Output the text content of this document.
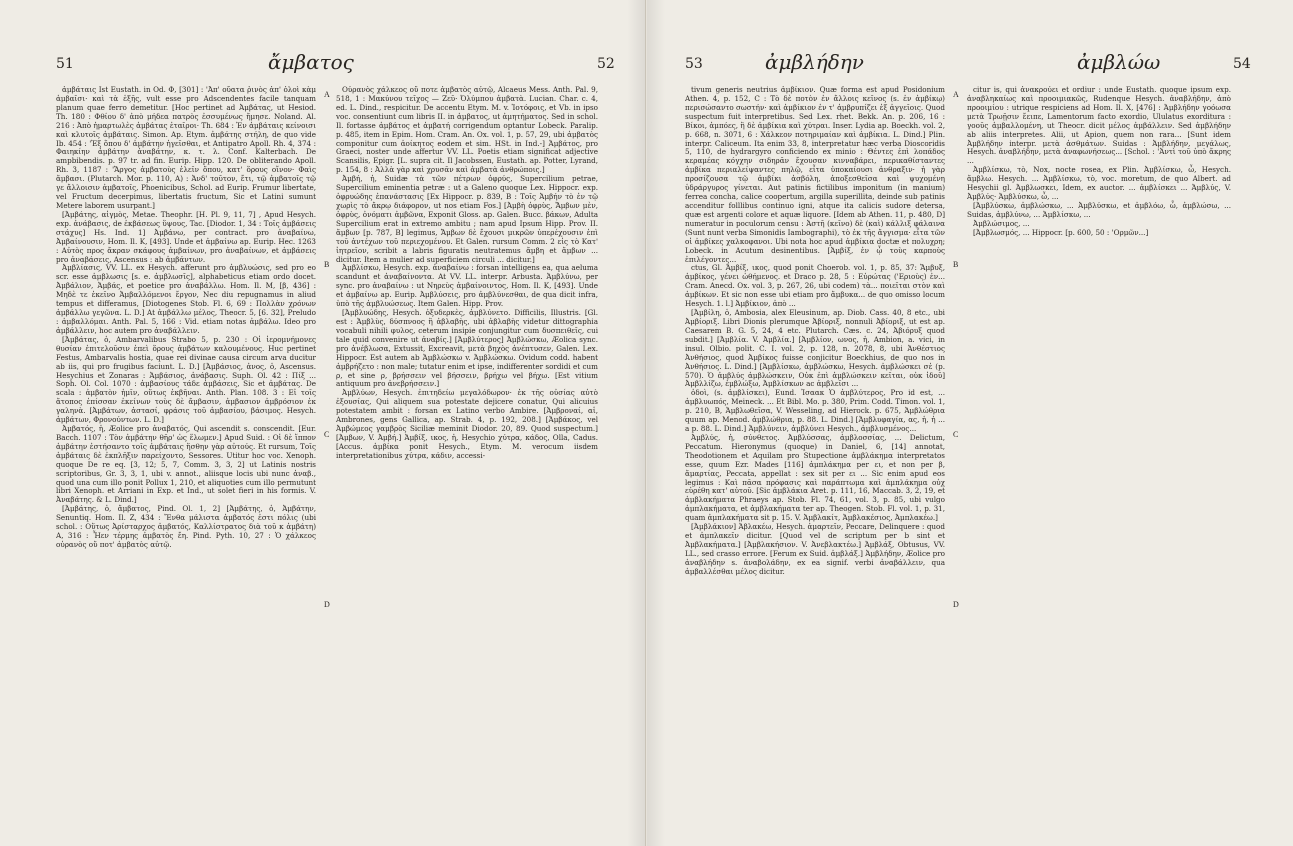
51	ἄμβατος	52

ἀμβάταις Ist Eustath. in Od. Φ, [301] : 'Ἀπ' οὔατα ῥινὸς ἀπ' ὀλοὶ κὰμ ἀμβαῖσι· καὶ τὰ ἑξῆς, vult esse pro Adscendentes facile tanquam planum quae ferro demetitur. [Hoc pertinet ad Ἀμβάτας, ut Hesiod. Th. 180 : Φθίου δ' ἀπὸ μήδεα πατρὸς ἐσσυμένως ἤμησε. Noland. Al. 216 : Ἀπὸ ἡμαρτωλὲς ἀμβάτας ἑταῖροι· Th. 684 : Ἐν ἀμβάταις κείνοισι καὶ κλυτοῖς ἀμβάταις. Simon. Ap. Etym. ἀμβάτης στήλη, de quo vide Ib. 454 : 'Ἐξ ὅπου δ' ἀμβάτην ἡγεῖσθαι, et Antipatro Apoll. Rh. 4, 374 : Φαιηκίην ἀμβάτην ἀναβάτην, κ. τ. λ. Conf. Kalterbach. De ampbibendis. p. 97 tr. ad fin. Eurip. Hipp. 120. De obliterando Apoll. Rh. 3, 1187 : 'Ἄργος ἀμβατοὺς ἐλεῖν ὅπου, κατ' ὅρους οἴνον· Φαὶς ἄμβασι. (Plutarch. Mor. p. 110, A) : Ἀνδ' τοῦτον, ἔτι, τῷ ἀμβατοῖς τῷ γε ἄλλοισιν ἀμβατοῖς, Phoenicibus, Schol. ad Eurip. Frumur libertate, vel Fructum decerpimus, libertatis fructum, Sic et Latini sumunt Metere laborem usurpant.]

[Ἀμβάτης, αἰγμὸς, Metae. Theophr. [H. Pl. 9, 11, 7] , Apud Hesych. exp. ἀνάβασις, de ἐκβάσεως ὕψους, Tac. [Diodor. 1, 34 : Τοῖς ἀμβάσεις στάχυς] Hs. Ind. 1] Ἀμβάνω, per contract. pro ἀναβαίνω, Ἀμβαίνουσιν, Hom. Il. K, [493]. Unde et ἀμβαίνω ap. Eurip. Hec. 1263 : Αὐτὸς προς ἄκραν σκάφους ἀμβαίνων, pro ἀναβαίνων, et ἀμβάσεις pro ἀναβάσεις, Ascensus : ab ἀμβάντων.

Ἀμβλίασις, VV. LL. ex Hesych. afferunt pro ἀμβλυώσις, sed pro eo scr. esse ἀμβλωσις [s. e. ἀμβλωσῖς], alphabeticus etiam ordo docet. Ἀμβάλιον, Ἀμβάς, et poetice pro ἀναβάλλω. Hom. Il. M, [β, 436] : Μηδὲ τε ἐκεῖνο Ἀμβαλλόμενοι ἔργον, Nec diu repugnamus in aliud tempus et differamus, [Diotogenes Stob. Fl. 6, 69 : Πολλὰν χρόνων ἀμβάλλω γεγῶνα. L. D.] At ἀμβάλλω μέλος, Theocr. 5, [6. 32], Preludo : ἀμβαλλόμαι. Anth. Pal. 5, 166 : Vid. etiam notas ἀμβάλω. Ideo pro ἀμβάλλειν, hoc autem pro ἀναβάλλειν.

[Ἀμβάτας, ὁ, Ambarvalibus Strabo 5, p. 230 : Οἱ ἱερομνήμονες θυσίαν ἐπιτελοῦσιν ἐπεὶ ὅρους ἀμβάτων καλουμένους. Huc pertinet Festus, Ambarvalis hostia, quae rei divinae causa circum arva ducitur ab iis, qui pro frugibus faciunt. L. D.] [Ἀμβάσιος, ἀνος, ὁ, Ascensus. Hesychius et Zonaras : Ἀμβάσιος, ἀνάβασις. Suph. Ol. 42 : Πίξ ... Soph. Ol. Col. 1070 : ἀμβασίους τάδε ἀμβάσεις, Sic et ἀμβάτας. De scala : ἀμβατὸν ἡμῖν, οὕτως ἐκβῆναι. Anth. Plan. 108. 3 : Εἰ τοῖς ἄτοπος ἐπίσσαν ἐκείνων τοὺς δὲ ἄμβασιν, ἀμβασιον ἀμβρόσιον ἐκ γαληνὰ. [Ἀμβάτων, ἀστασί, φράσις τοῦ ἀμβασίου, βάσιμος. Hesych. ἀμβάτων, Φρονούντων. L. D.]

Ἀμβατός, ἡ, Æolice pro ἀναβατός, Qui ascendit s. conscendit. [Eur. Bacch. 1107 : Τὸν ἀμβάτην θῆρ' ὡς ἕλωμεν.] Apud Suid. : Οἱ δὲ ἵππον ἀμβάτην ἐστήσαντο τοῖς ἀμβάταις ἥσθην γὰρ αὐτούς. Et rursum, Τοῖς ἀμβάταις δὲ ἐκπλῆξιν παρείχοντο, Sessores. Utitur hoc voc. Xenoph. quoque De re eq. [3, 12; 5, 7, Comm. 3, 3, 2] ut Latinis nostris scriptoribus, Gr. 3, 3, 1, ubi v. annot., aliisque locis ubi nunc ἀναβ., quod una cum illo ponit Pollux 1, 210, et aliquoties cum illo permutunt libri Xenoph. et Arriani in Exp. et Ind., ut solet fieri in his formis. V. Ἀναβάτης. & L. Dind.]

[Ἀμβάτης, ὁ, ἄμβατος, Pind. Ol. 1, 2] [Ἀμβάτης, ὁ, Ἀμβάτην, Senuntiq. Hom. Il. Z, 434 : Ἔνθα μάλιστα ἀμβατός ἐστι πόλις (ubi schol. : Οὕτως Ἀρίσταρχος ἀμβατός, Καλλίστρατος διὰ τοῦ κ ἀμβάτη) Α, 316 : Ἦεν τέρμης ἀμβατὸς ἔη. Pind. Pyth. 10, 27 : Ὁ χάλκεος οὐρανὸς οὔ ποτ' ἀμβατὸς αὐτῷ.

A
B
C
D

Οὐρανὸς χάλκεος οὔ ποτε ἀμβατὸς αὐτῷ, Alcaeus Mess. Anth. Pal. 9, 518, 1 : Μακύνου τεῖχος — Ζεῦ· Ὀλύμπου ἀμβατὰ. Lucian. Char. c. 4, ed. L. Dind., respicitur. De accentu Etym. M. v. Ἰοτόφοις, et Vb. in ipso voc. consentiunt cum libris II. in ἀμβατος, ut ἀμητήματος. Sed in schol. Il. fortasse ἀμβάτος et ἀμβατή corrigendum optantur Lobeck. Paralip. p. 485, item in Epim. Hom. Cram. An. Ox. vol. 1, p. 57, 29, ubi ἀμβατὸς componitur cum ἀοίκητος eodem et sim. HSt. in Ind.-] Ἀμβάτος, pro Graeci, noster unde affertur VV. LL. Poetis etiam significat adjective Scansilis, Epigr. [L. supra cit. Il Jacobssen, Eustath. ap. Potter, Lyrand, p. 154, 8 : Ἀλλὰ γὰρ καὶ χρυσᾶν καὶ ἀμβατὰ ἀνθρώποις.]

Ἀμβή, ἡ, Suidæ τὰ τῶν πέτρων ὀφρύς, Supercilium petrae, Supercilium eminentia petræ : ut a Galeno quoque Lex. Hippocr. exp. ὀφρυώδης ἐπανάστασις [Ex Hippocr. p. 839, B : Τοῖς Ἀμβήν τὸ ἐν τῷ χωρὶς τὸ ἄκρῳ διάφορον, ut nos etiam Fos.] [Ἀμβὴ ὀφρὺς, Ἄμβων μὲν, ὀφρὺς, ὀνόματι ἀμβῶνα, Exponit Gloss. ap. Galen. Bucc. βάκων, Adulta Supercilium erat in extremo ambitu ; nam apud Ipsum Hipp. Prov. II. ἄμβων [p. 787, B] legimus, Ἄμβων δὲ ἔχουσι μικρῶν ὑπερέχουσιν ἐπὶ τοῦ ἀντέχων τοῦ περιεχομένου. Et Galen. rursum Comm. 2 εἰς τὸ Κατ' ἰητρεῖον, scribit a labris figuratis neutratemus ἄμβη et ἄμβων ... dicitur. Item a mulier ad superficiem circuli ... dicitur.]

Ἀμβλίσκω, Hesych. exp. ἀναβαίνω : forsan intelligens ea, qua aeluma scandunt et ἀναβαίνοντα. At VV. LL. interpr. Arbusta. Ἀμβλύνω, per sync. pro ἀναβαίνω : ut Νηρεὺς ἀμβαίνοιντος, Hom. Il. K, [493]. Unde et ἀμβαίνω ap. Eurip. Ἀμβλύσεις, pro ἀμβλύνεσθαι, de qua dicit infra, ὑπὸ τῆς ἀμβλυώσεως. Item Galen. Hipp. Prov.

[Ἀμβλυώδης, Hesych. ὀξυδερκὲς, ἀμβλύνετο. Difficilis, Illustris. [Gl. est : Ἀμβλὺς, δύσπνοος ἢ ἀβλαβὴς, ubi ἀβλαβὴς videtur dittographia vocabuli nihili φυλος, ceterum insipie conjungitur cum δυσπειθεῖς, cui tale quid convenire ut ἀναβίς.] [Ἀμβλύτερος] Ἀμβλώσκω, Æolica sync. pro ἀνέβλωσα, Extussit, Excreavit, μετὰ βηχὸς ἀνέπτυσεν, Galen. Lex. Hippocr. Est autem ab Ἀμβλώσκω v. Ἀμβλώσκω. Ovidum codd. habent ἀμβρήζετο : non male; tutatur enim et ipse, indifferenter sordidi et cum ρ, et sine ρ, βρήσσειν vel βήσσειν, βρήχω vel βήχω. [Est vitium antiquum pro ἀνεβρήσσειν.]

Ἀμβλύων, Hesych. ἐπιτηδείω μεγαλόδωρον· ἐκ τῆς οὐσίας αὐτὸ ἐξουσίας, Qui aliquem sua potestate dejicere conatur, Qui alicuius potestatem ambit : forsan ex Latino verbo Ambire. [Ἀμβροναί, αἱ, Ambrones, gens Gallica, ap. Strab. 4, p. 192, 208.] [Ἀμβάκος, vel Ἀμβώμεος γαμβρὸς Siciliæ meminit Diodor. 20, 89. Quod suspectum.] [Ἀμβων, V. Ἀμβή.] Ἀμβίξ, ικος, ἡ, Hesychio χύτρα, κάδος, Olla, Cadus. [Accus. ἀμβίκα ponit Hesych., Etym. M. verocum iisdem interpretationibus χύτρα, κάδιν, accessi-

53	ἀμβλήδην	ἀμβλώω	54

tivum generis neutrius ἀμβίκιον. Quæ forma est apud Posidonium Athen. 4, p. 152, C : Τὸ δὲ ποτὸν ἐν ἄλλοις κεῖνος (s. ἐν ἀμβίκῳ) περισώσαντο σωστήν· καὶ ἀμβίκιον ἐν τ' ἀμβρυπίζει ἐξ ἀγγεῖοις. Quod suspectum fuit interpretibus. Sed Lex. rhet. Bekk. An. p. 206, 16 : Βίκοι, ἀμπόες, ἢ δὲ ἀμβίκια καὶ χύτραι. Inser. Lydia ap. Boeckh. vol. 2, p. 668, n. 3071, 6 : Χάλκεον ποτηριμαίαν καὶ ἀμβίκια. L. Dind.] Plin. interpr. Caliceum. Ita enim 33, 8, interpretatur hæc verba Dioscoridis 5, 110, de hydrargyro conficiendo ex minio : Θέντες ἐπὶ λοπάδος κεραμέας κόγχην σιδηρᾶν ἔχουσαν κινναβάρει, περικαθίσταντες ἀμβίκα περιαλείψαντες πηλῷ, εἶτα ὑποκαίουσι ἀνθραξιν· ἡ γὰρ προσίζουσα τῷ ἀμβίκι ἀσβόλη, ἀποξεσθεῖσα καὶ ψυχομένη ὑδράργυρος γίνεται. Aut patinis fictilibus imponitum (in manium) ferrea concha, calice coopertum, argilla superillita, deinde sub patinis accenditur folllibus continuo igni, atque ita calicis sudore detersa, quæ est argenti colore et aquæ liquore. [Idem ab Athen. 11, p. 480, D] numeratur in poculorum censu : Ἀστῆ (κεῖνο) δὲ (καὶ) κάλλιξ φάλαινα (Sunt nunt verba Simonidis Iambographi), τὸ ἐκ τῆς ἄγγισμα· εἶτα τῶν οἱ ἀμβίκες χαλκοφανοι. Ubi nota hoc apud ἀμβίκια doctæ et πολυχρη; Lobeck. in Acutum desinentibus. [Ἀμβίξ, ἐν ᾧ τοὺς καρποὺς ἐπιλέγοντες...

ctus, Gl. Ἀμβίξ, ικος, quod ponit Choerob. vol. 1, p. 85, 37: Ἄμβυξ, ἀμβίκος, γένει ὠθήμενος. et Draco p. 28, 5 : Εὐρώτας ('Εριοὺς) ἐν... Cram. Anecd. Ox. vol. 3, p. 267, 26, ubi codem) τὰ... ποιεῖται στὸν καὶ ἀμβίκων. Et sic non esse ubi etiam pro ἄμβυκα... de quo omisso locum Hesych. 1. l.] Ἀμβίκιον, ἀπὸ ...

[Ἀμβίλη, ὁ, Ambosia, alex Eleusinum, ap. Diob. Cass. 40, 8 etc., ubi Ἀμβίοριξ. Libri Dionis plerumque Ἀβίοριξ, nonnuli Ἀβίοριξ, ut est ap. Caesarem B. G. 5, 24, 4 etc. Plutarch. Cæs. c. 24, Ἀβιόρυξ quod subdit.] [Ἀμβλία. V. Ἀμβλία.] [Ἀμβλίον, ωνος, ἡ, Ambion, a. vici, in insul. Olbio. polit. C. I. vol. 2, p. 128, n. 2078, 8, ubi Ἀνθέστιος Ἀνθήσιος, quod Ἀμβίκος fuisse conjicitur Boeckhius, de quo nos in Ἀνθήσιος. L. Dind.] [Ἀμβλίσκω, ἀμβλώσκω, Hesych. ἀμβλώσκει σἐ (p. 570). Ὁ ἀμβλύς ἀμβλώσκειν, Οὐκ ἐπὶ ἀμβλώσκειν κεῖται, οὐκ ἰδοῦ] Ἀμβλλίζω, ἐμβλώξω, Ἀμβλίσκων ac ἀμβλεῖσι ...

ὀδοὶ, (s. ἀμβλίσκει), Eund. Ἰσαακ Ὁ ἀμβλύτερος, Pro id est, ... ἀμβλυωπός, Meineck. ... Et Bibl. Mo. p. 380, Prim. Codd. Timon. vol. 1, p. 210, Β, Ἀμβλωθεῖσα, V. Wesseling, ad Hierock. p. 675, Ἀμβλώθρια quum ap. Menod. ἀμβλώθρια, p. 88. L. Dind.] [Ἀμβλυφαγία, ας, ἡ, ἡ ... a p. 88. L. Dind.] Ἀμβλύνειν, ἀμβλύνει Hesych., ἀμβλυσμένος...

Ἀμβλύς, ἡ, σύνθετος. Ἀμβλύσσας, ἀμβλοσσίας, ... Delictum, Peccatum. Hieronymus (quoque) in Daniel, 6, [14] annotat, Theodotionem et Aquilam pro Stupectione ἀμβλάκημα interpretatos esse, quum Ezr. Mades [116] ἀμπλάκημα per ει, et non per β, ἄμαρτίας, Peccata, appellat : sex sit per ει ... Sic enim apud eos legimus : Καὶ πᾶσα πρόφασις καὶ παράπτωμα καὶ ἀμπλάκημα οὐχ εὑρέθη κατ' αὐτοῦ. [Sic ἀμβλάκια Aret. p. 111, 16, Maccab. 3, 2, 19, et ἀμβλακήματα Phraeys ap. Stob. Fl. 74, 61, vol. 3, p. 85, ubi vulgo ἀμπλακήματα, et ἀμβλακήματα ter ap. Theogen. Stob. Fl. vol. 1, p. 31, quam ἀμπλακήματα sit p. 15. V. Ἀμβλακίτ, Ἀμβλακέσιος, Ἀμπλακέω.]

[Ἀμβλάκιον] Ἀβλακέω, Hesych. ἀμαρτεῖν, Peccare, Delinquere : quod et ἀμπλακεῖν dicitur. [Quod vel de scriptum per b sint et Ἀμβλακήματα.] [Ἀμβλακήσιον. V. Ἀνεβλακτέω.] Ἀμβλάξ, Obtusus, VV. LL., sed crasso errore. [Ferum ex Suid. ἀμβλάξ.] Ἀμβλήδην, Æolice pro ἀναβλήδην s. ἀναβολάδην, ex ea signif. verbi ἀναβάλλειν, qua ἀμβαλλέσθαι μέλος dicitur.

A
B
C
D

citur is, qui ἀνακρούει et ordiur : unde Eustath. quoque ipsum exp. ἀναβληκαίως καὶ προοιμιακῶς, Rudenque Hesych. ἀναβλήδην, ἀπὸ προοιμίου : utrique respiciens ad Hom. Il. X, [476] : Ἀμβλήδην γοόωσα μετὰ Τρωῇσιν ἔειπε, Lamentorum facto exordio, Ululatus exorditura : γοοῦς ἀμβαλλομένη, ut Theocr. dicit μέλος ἀμβάλλειν. Sed ἀμβλήδην ab aliis interpretes. Alii, ut Apion, quem non rara... [Sunt idem Ἀμβλήδην interpr. μετὰ ἀσθμάτων. Suidas : Ἀμβλήδην, μεγάλως, Hesych. ἀναβλήδην, μετὰ ἀναφωνήσεως... [Schol. : 'Ἀντὶ τοῦ ὑπὸ ἄκρης ...

Ἀμβλίσκω, τὸ, Nox, nocte rosea, ex Plin. Ἀμβλίσκω, ὦ, Hesych. ἄμβλω. Hesych. ... Ἀμβλίσκω, τὸ, voc. moretum, de quo Albert. ad Hesychii gl. Ἀμβλωσκει, Idem, ex auctor. ... ἀμβλίσκει ... Ἀμβλύς, V. Ἀμβλύς· Ἀμβλύσκω, ὦ, ...

[Ἀμβλύσκω, ἀμβλώσκω, ... Ἀμβλύσκω, et ἀμβλόω, ὦ, ἀμβλώσω, ... Suidas, ἀμβλύνω, ... Ἀμβλίσκω, ...

Ἀμβλώσιμος, ...

[Ἀμβλωσμός, ... Hippocr. [p. 600, 50 : 'Ορμῶν...]
